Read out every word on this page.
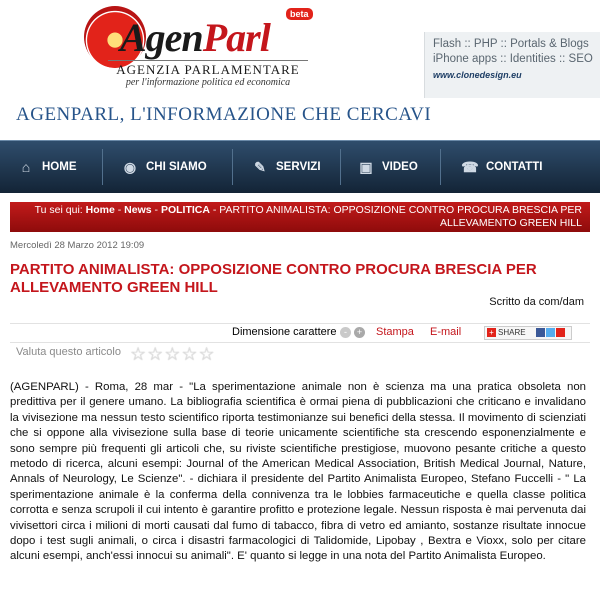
AgenParl
beta
AGENZIA PARLAMENTARE
per l'informazione politica ed economica
AGENPARL, L'INFORMAZIONE CHE CERCAVI
Flash :: PHP :: Portals & Blogs
iPhone apps :: Identities :: SEO
www.clonedesign.eu
⌂	HOME	◉ CHI SIAMO	✎ SERVIZI	▣ VIDEO	☎ CONTATTI
Tu sei qui: Home - News - POLITICA - PARTITO ANIMALISTA: OPPOSIZIONE CONTRO PROCURA BRESCIA PER ALLEVAMENTO GREEN HILL
Mercoledì 28 Marzo 2012 19:09
PARTITO ANIMALISTA: OPPOSIZIONE CONTRO PROCURA BRESCIA PER ALLEVAMENTO GREEN HILL
Scritto da com/dam
Dimensione carattere -	+ Stampa E-mail	+ SHARE
Valuta questo articolo ☆☆☆☆☆
(AGENPARL) - Roma, 28 mar - "La sperimentazione animale non è scienza ma una pratica obsoleta non predittiva per il genere umano. La bibliografia scientifica è ormai piena di pubblicazioni che criticano e invalidano la vivisezione ma nessun testo scientifico riporta testimonianze sui benefici della stessa. Il movimento di scienziati che si oppone alla vivisezione sulla base di teorie unicamente scientifiche sta crescendo esponenzialmente e sono sempre più frequenti gli articoli che, su riviste scientifiche prestigiose, muovono pesante critiche a questo metodo di ricerca, alcuni esempi: Journal of the American Medical Association, British Medical Journal, Nature, Annals of Neurology, Le Scienze". - dichiara il presidente del Partito Animalista Europeo, Stefano Fuccelli - " La sperimentazione animale è la conferma della connivenza tra le lobbies farmaceutiche e quella classe politica corrotta e senza scrupoli il cui intento è garantire profitto e protezione legale. Nessun risposta è mai pervenuta dai vivisettori circa i milioni di morti causati dal fumo di tabacco, fibra di vetro ed amianto, sostanze risultate innocue dopo i test sugli animali, o circa i disastri farmacologici di Talidomide, Lipobay , Bextra e Vioxx, solo per citare alcuni esempi, anch'essi innocui su animali". E' quanto si legge in una nota del Partito Animalista Europeo.
